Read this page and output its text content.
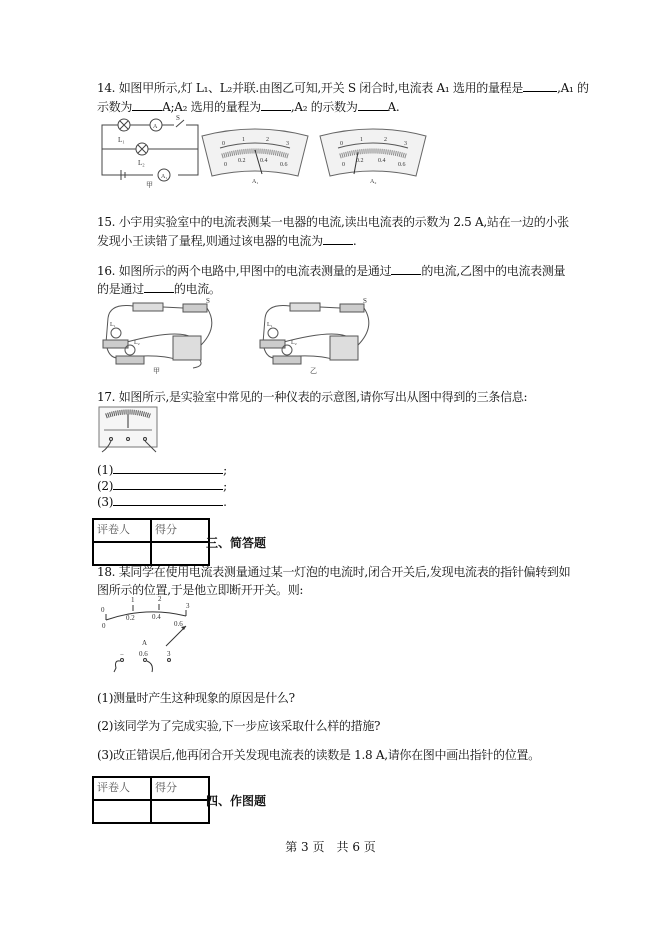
14. 如图甲所示,灯 L₁、L₂并联.由图乙可知,开关 S 闭合时,电流表 A₁ 选用的量程是	,A₁ 的
示数为	A;A₂ 选用的量程为	,A₂ 的示数为	A.
L₁
L₂
S
A
A₁
甲
0
1	2
3
0
0.2 0.4
0.6
A₁
0
1	2
3
0
0.2 0.4
0.6
A₂
15. 小宇用实验室中的电流表测某一电器的电流,读出电流表的示数为 2.5 A,站在一边的小张
发现小王读错了量程,则通过该电器的电流为	.
16. 如图所示的两个电路中,甲图中的电流表测量的是通过	的电流,乙图中的电流表测量
的是通过	的电流。
S
L₁
L₂
甲
S
L₁
L₂
乙
17. 如图所示,是实验室中常见的一种仪表的示意图,请你写出从图中得到的三条信息:
(1)	;
(2)	;
(3)	.
评卷人	得分

三、简答题
18. 某同学在使用电流表测量通过某一灯泡的电流时,闭合开关后,发现电流表的指针偏转到如
图所示的位置,于是他立即断开开关。则:
0
1	2
3
0
0.2 0.4
0.6
A
− 0.6	3
(1)测量时产生这种现象的原因是什么?
(2)该同学为了完成实验,下一步应该采取什么样的措施?
(3)改正错误后,他再闭合开关发现电流表的读数是 1.8 A,请你在图中画出指针的位置。
评卷人	得分

四、作图题
第 3 页　共 6 页
